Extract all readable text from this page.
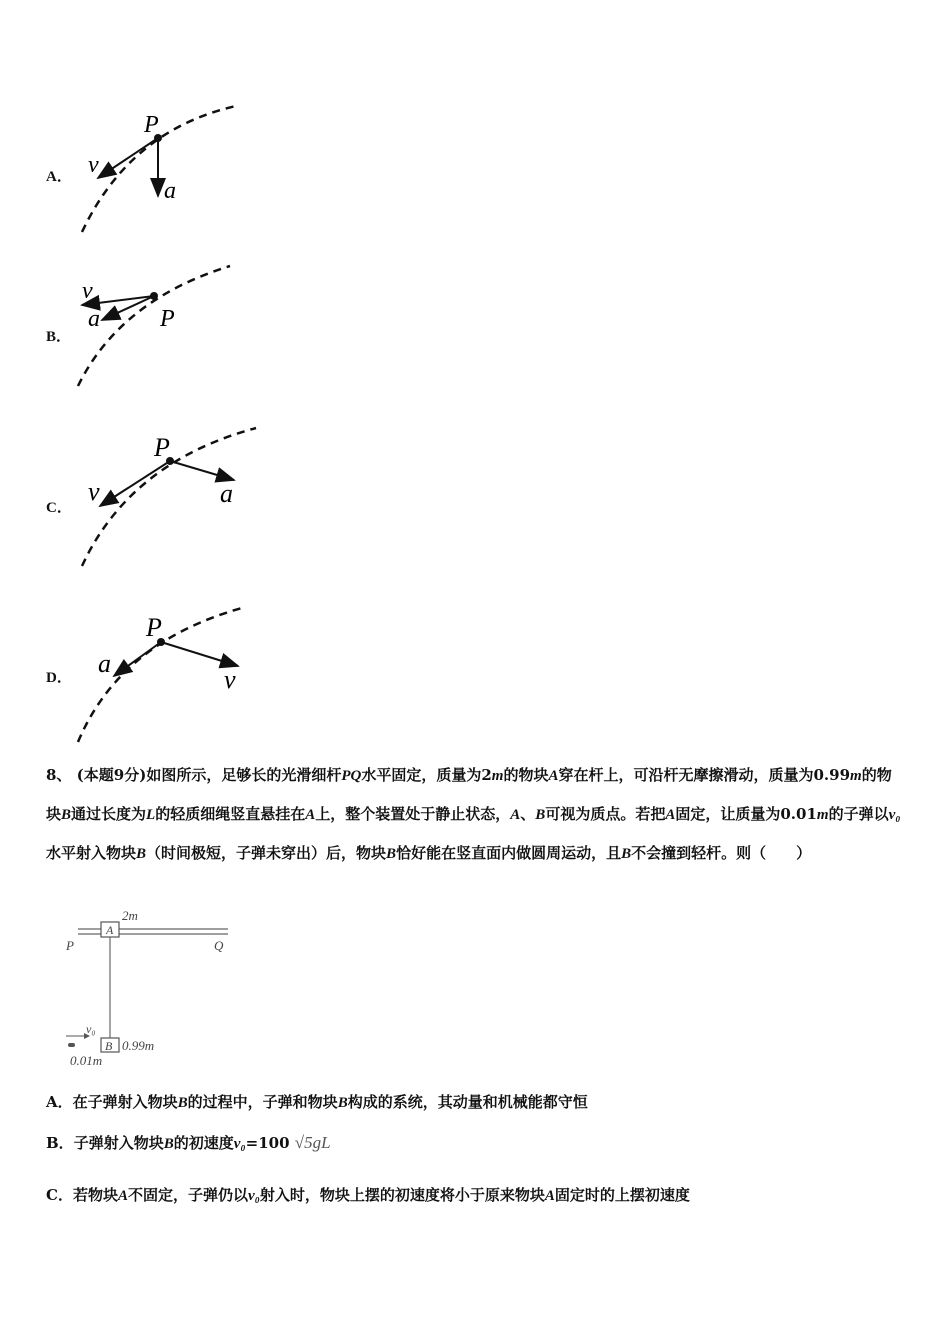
A．
P
v
a
B．
v
a	P
C．
P
v	a
D．
P
a
v
8、 (本题9分)如图所示，足够长的光滑细杆PQ水平固定，质量为2m的物块A穿在杆上，可沿杆无摩擦滑动，质量为0.99m的物块B通过长度为L的轻质细绳竖直悬挂在A上，整个装置处于静止状态，A、B可视为质点。若把A固定，让质量为0.01m的子弹以v₀水平射入物块B（时间极短，子弹未穿出）后，物块B恰好能在竖直面内做圆周运动，且B不会撞到轻杆。则（　　）
A
2m
P	Q
B 0.99m
v₀
0.01m
A．在子弹射入物块B的过程中，子弹和物块B构成的系统，其动量和机械能都守恒
B．子弹射入物块B的初速度v₀=100 √5gL
C．若物块A不固定，子弹仍以v₀射入时，物块上摆的初速度将小于原来物块A固定时的上摆初速度
